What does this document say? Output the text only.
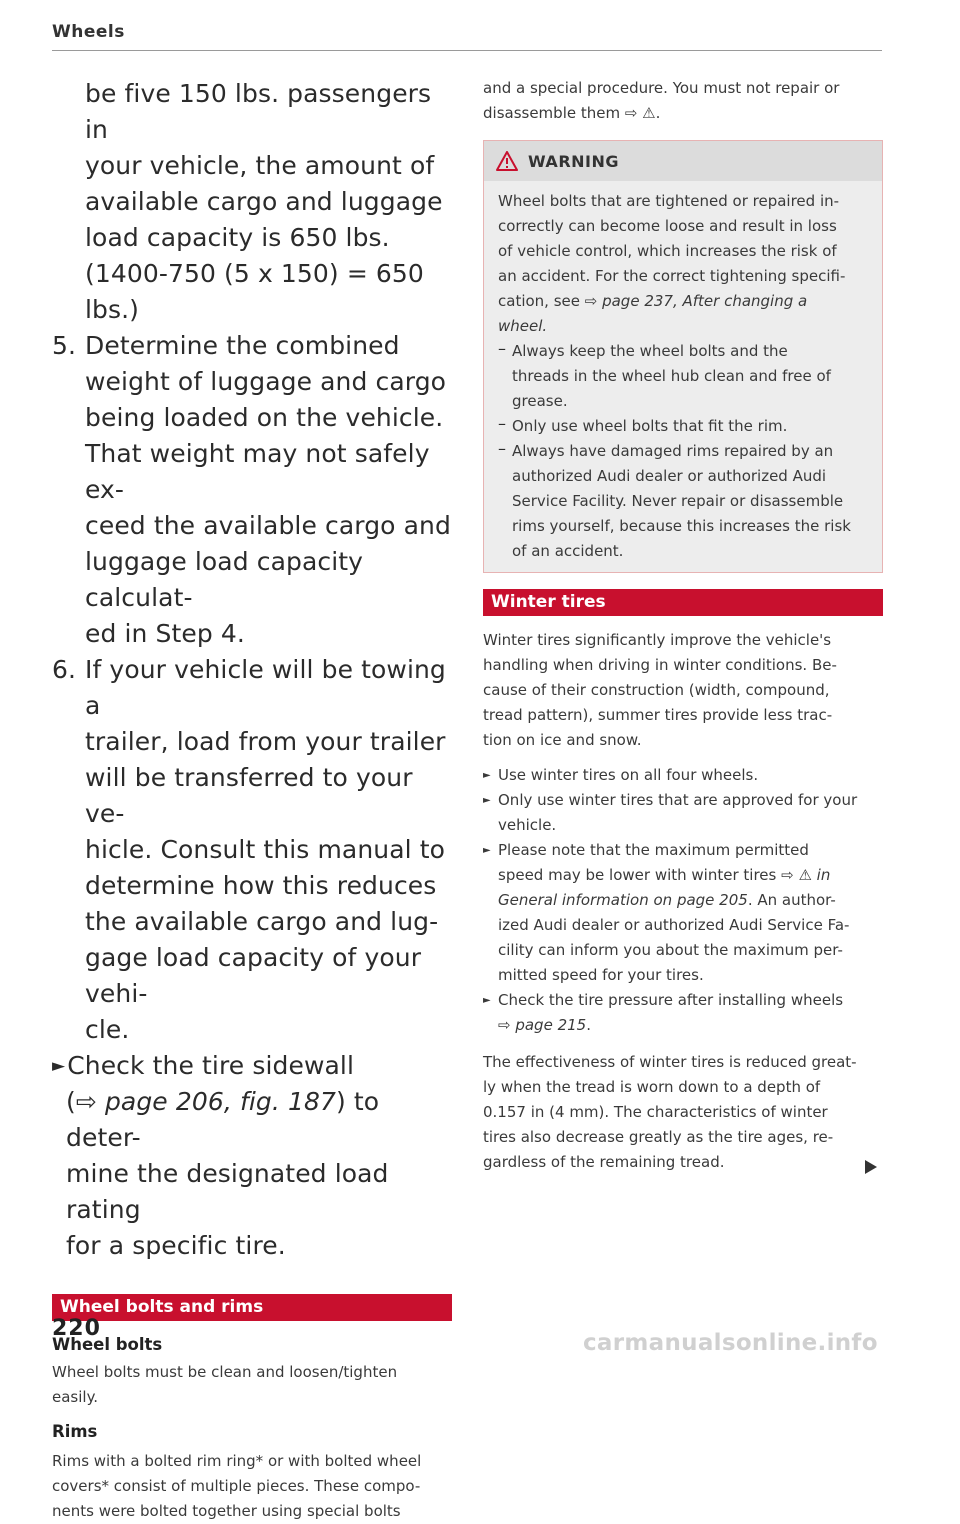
Wheels

be five 150 lbs. passengers in

your vehicle, the amount of

available cargo and luggage

load capacity is 650 lbs.

(1400-750 (5 x 150) = 650

lbs.)

5. Determine the combined

weight of luggage and cargo

being loaded on the vehicle.

That weight may not safely ex-

ceed the available cargo and

luggage load capacity calculat-

ed in Step 4.

6. If your vehicle will be towing a

trailer, load from your trailer

will be transferred to your ve-

hicle. Consult this manual to

determine how this reduces

the available cargo and lug-

gage load capacity of your vehi-

cle.

►Check the tire sidewall

(⇨ page 206, fig. 187) to deter-

mine the designated load rating

for a specific tire.

Wheel bolts and rims

Wheel bolts

Wheel bolts must be clean and loosen/tighten

easily.

Rims

Rims with a bolted rim ring* or with bolted wheel

covers* consist of multiple pieces. These compo-

nents were bolted together using special bolts

and a special procedure. You must not repair or

disassemble them ⇨ ⚠.

WARNING

Wheel bolts that are tightened or repaired in-

correctly can become loose and result in loss

of vehicle control, which increases the risk of

an accident. For the correct tightening specifi-

cation, see ⇨ page 237, After changing a

wheel.

– Always keep the wheel bolts and the

threads in the wheel hub clean and free of

grease.

– Only use wheel bolts that fit the rim.

– Always have damaged rims repaired by an

authorized Audi dealer or authorized Audi

Service Facility. Never repair or disassemble

rims yourself, because this increases the risk

of an accident.

Winter tires

Winter tires significantly improve the vehicle's

handling when driving in winter conditions. Be-

cause of their construction (width, compound,

tread pattern), summer tires provide less trac-

tion on ice and snow.

► Use winter tires on all four wheels.

► Only use winter tires that are approved for your

vehicle.

► Please note that the maximum permitted

speed may be lower with winter tires ⇨ ⚠ in

General information on page 205. An author-

ized Audi dealer or authorized Audi Service Fa-

cility can inform you about the maximum per-

mitted speed for your tires.

► Check the tire pressure after installing wheels

⇨ page 215.

The effectiveness of winter tires is reduced great-

ly when the tread is worn down to a depth of

0.157 in (4 mm). The characteristics of winter

tires also decrease greatly as the tire ages, re-

gardless of the remaining tread.

220
carmanualsonline.info
